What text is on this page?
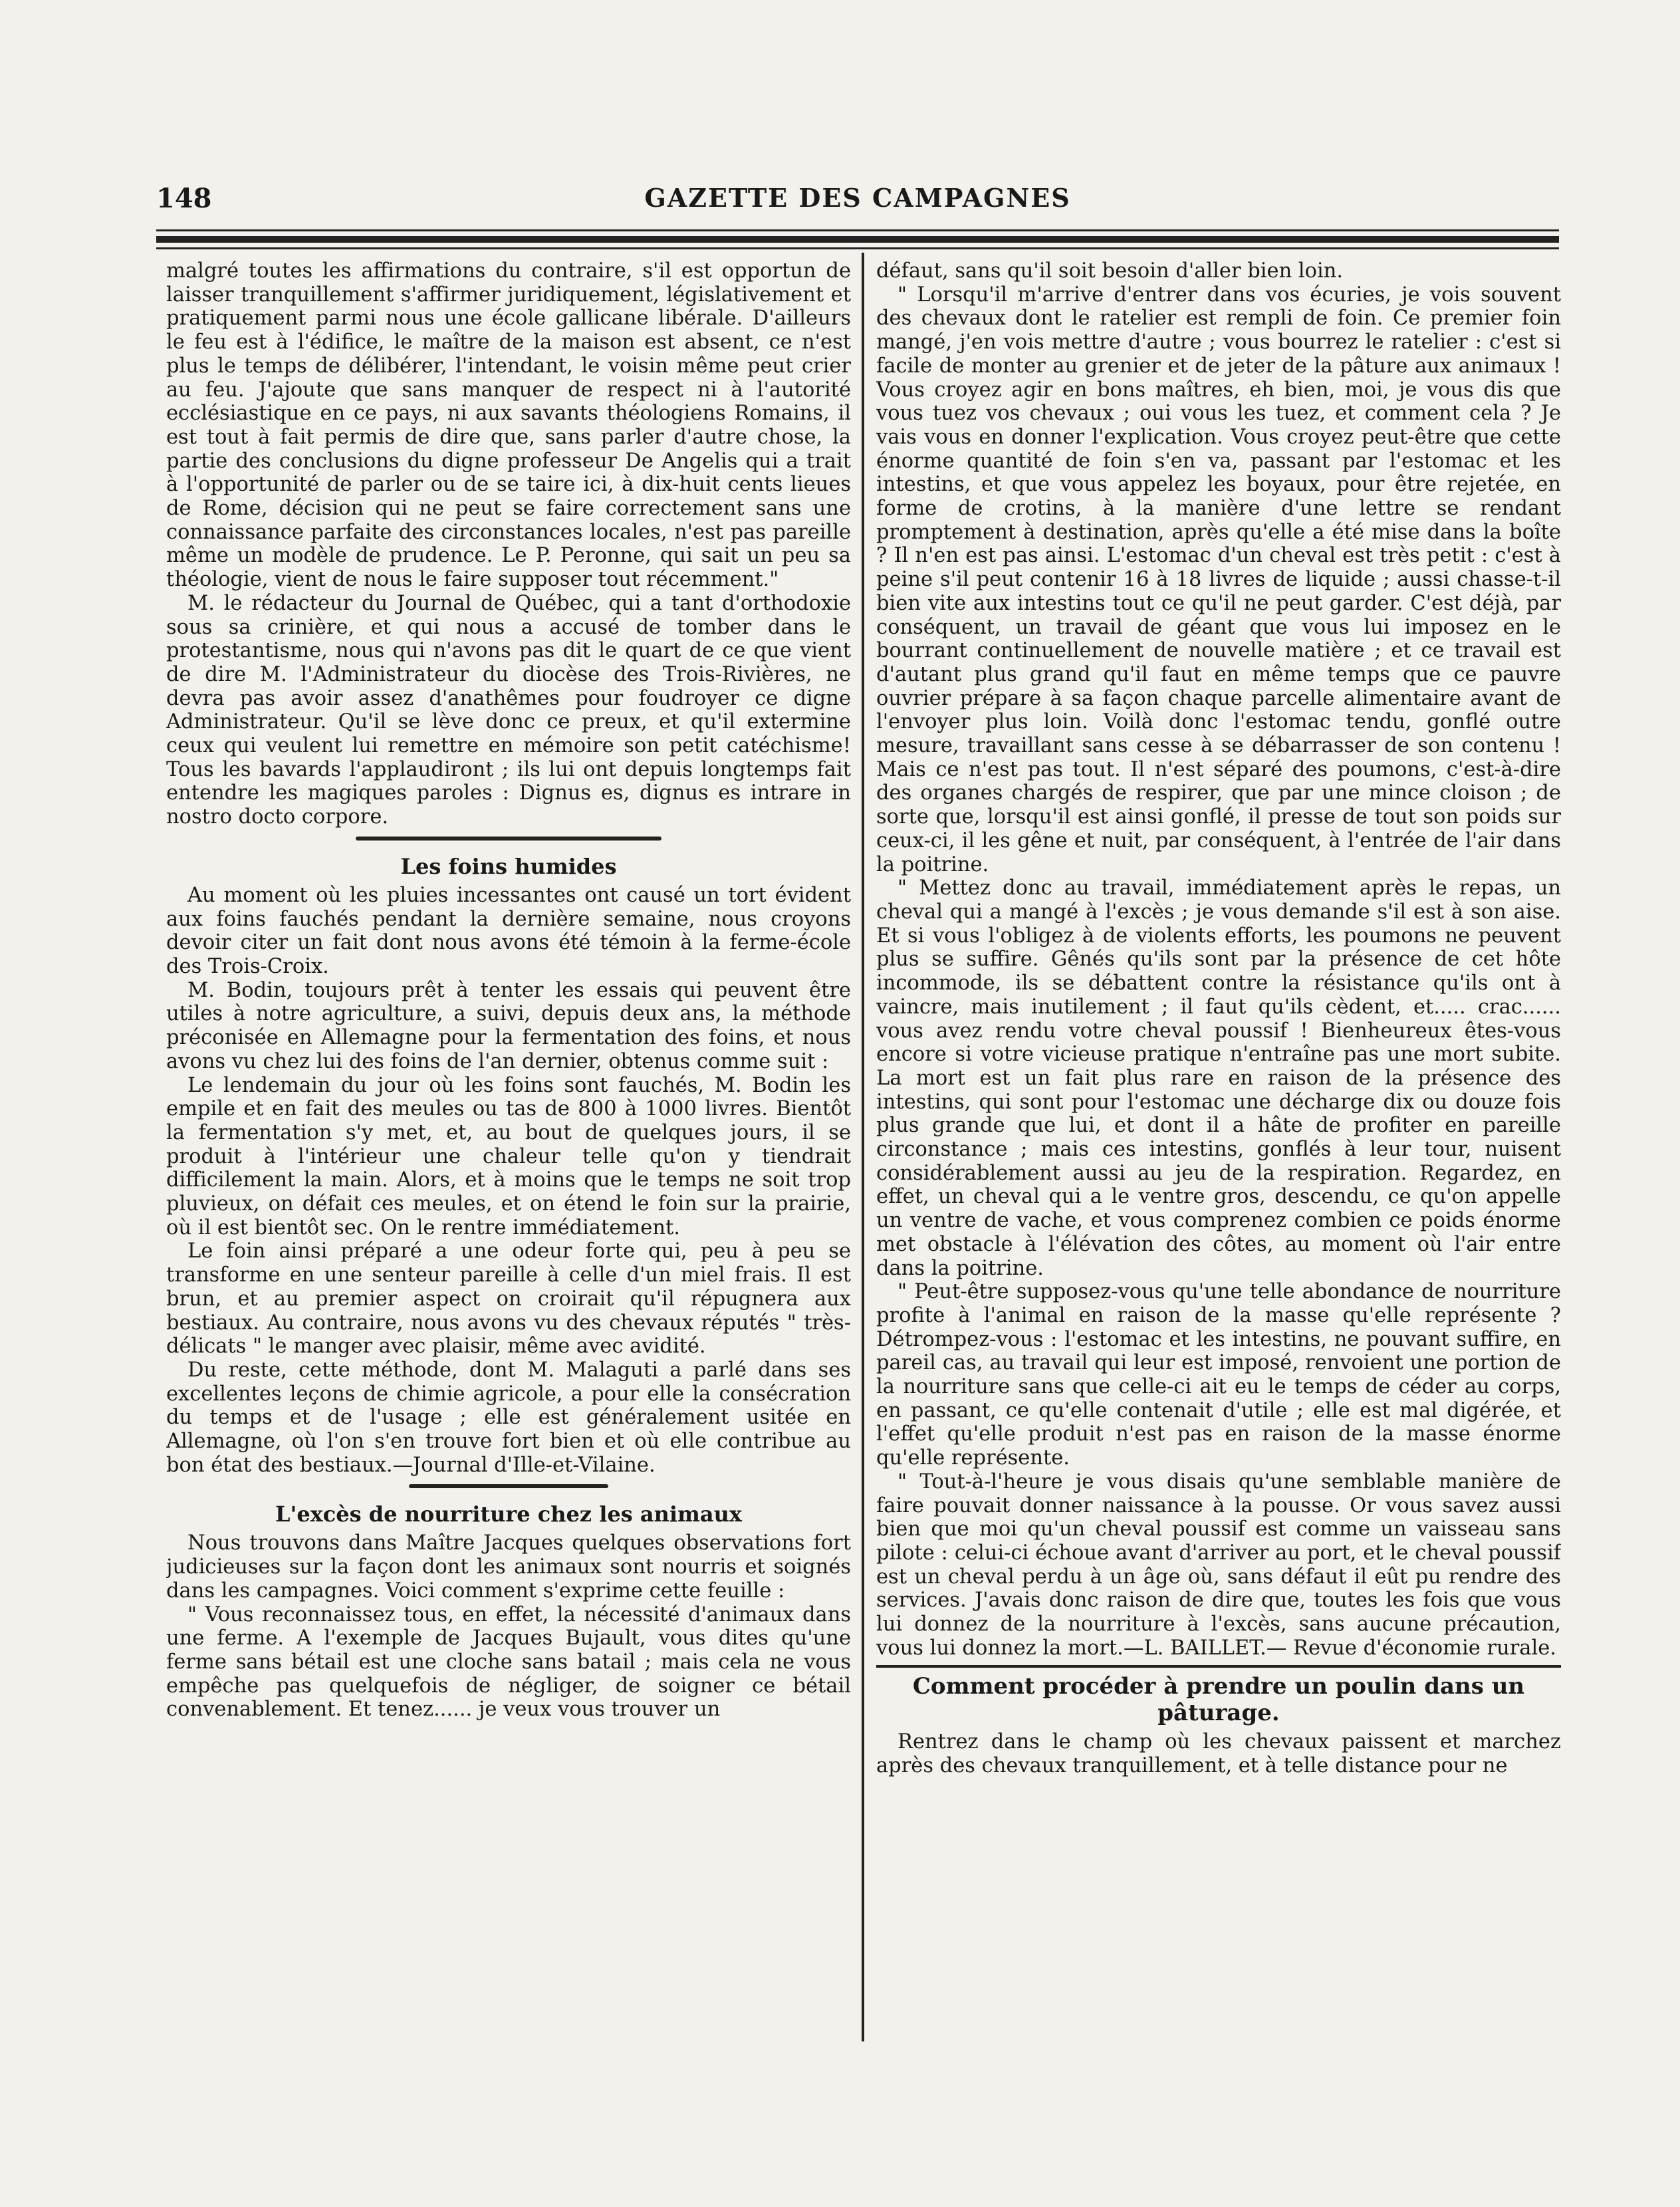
148	GAZETTE DES CAMPAGNES

malgré toutes les affirmations du contraire, s'il est opportun de laisser tranquillement s'affirmer juridiquement, législativement et pratiquement parmi nous une école gallicane libérale. D'ailleurs le feu est à l'édifice, le maître de la maison est absent, ce n'est plus le temps de délibérer, l'intendant, le voisin même peut crier au feu. J'ajoute que sans manquer de respect ni à l'autorité ecclésiastique en ce pays, ni aux savants théologiens Romains, il est tout à fait permis de dire que, sans parler d'autre chose, la partie des conclusions du digne professeur De Angelis qui a trait à l'opportunité de parler ou de se taire ici, à dix-huit cents lieues de Rome, décision qui ne peut se faire correctement sans une connaissance parfaite des circonstances locales, n'est pas pareille même un modèle de prudence. Le P. Peronne, qui sait un peu sa théologie, vient de nous le faire supposer tout récemment."

M. le rédacteur du Journal de Québec, qui a tant d'orthodoxie sous sa crinière, et qui nous a accusé de tomber dans le protestantisme, nous qui n'avons pas dit le quart de ce que vient de dire M. l'Administrateur du diocèse des Trois-Rivières, ne devra pas avoir assez d'anathêmes pour foudroyer ce digne Administrateur. Qu'il se lève donc ce preux, et qu'il extermine ceux qui veulent lui remettre en mémoire son petit catéchisme! Tous les bavards l'applaudiront ; ils lui ont depuis longtemps fait entendre les magiques paroles : Dignus es, dignus es intrare in nostro docto corpore.

Les foins humides

Au moment où les pluies incessantes ont causé un tort évident aux foins fauchés pendant la dernière semaine, nous croyons devoir citer un fait dont nous avons été témoin à la ferme-école des Trois-Croix.

M. Bodin, toujours prêt à tenter les essais qui peuvent être utiles à notre agriculture, a suivi, depuis deux ans, la méthode préconisée en Allemagne pour la fermentation des foins, et nous avons vu chez lui des foins de l'an dernier, obtenus comme suit :

Le lendemain du jour où les foins sont fauchés, M. Bodin les empile et en fait des meules ou tas de 800 à 1000 livres. Bientôt la fermentation s'y met, et, au bout de quelques jours, il se produit à l'intérieur une chaleur telle qu'on y tiendrait difficilement la main. Alors, et à moins que le temps ne soit trop pluvieux, on défait ces meules, et on étend le foin sur la prairie, où il est bientôt sec. On le rentre immédiatement.

Le foin ainsi préparé a une odeur forte qui, peu à peu se transforme en une senteur pareille à celle d'un miel frais. Il est brun, et au premier aspect on croirait qu'il répugnera aux bestiaux. Au contraire, nous avons vu des chevaux réputés " très-délicats " le manger avec plaisir, même avec avidité.

Du reste, cette méthode, dont M. Malaguti a parlé dans ses excellentes leçons de chimie agricole, a pour elle la consécration du temps et de l'usage ; elle est généralement usitée en Allemagne, où l'on s'en trouve fort bien et où elle contribue au bon état des bestiaux.—Journal d'Ille-et-Vilaine.

L'excès de nourriture chez les animaux

Nous trouvons dans Maître Jacques quelques observations fort judicieuses sur la façon dont les animaux sont nourris et soignés dans les campagnes. Voici comment s'exprime cette feuille :

" Vous reconnaissez tous, en effet, la nécessité d'animaux dans une ferme. A l'exemple de Jacques Bujault, vous dites qu'une ferme sans bétail est une cloche sans batail ; mais cela ne vous empêche pas quelquefois de négliger, de soigner ce bétail convenablement. Et tenez...... je veux vous trouver un

défaut, sans qu'il soit besoin d'aller bien loin.

" Lorsqu'il m'arrive d'entrer dans vos écuries, je vois souvent des chevaux dont le ratelier est rempli de foin. Ce premier foin mangé, j'en vois mettre d'autre ; vous bourrez le ratelier : c'est si facile de monter au grenier et de jeter de la pâture aux animaux ! Vous croyez agir en bons maîtres, eh bien, moi, je vous dis que vous tuez vos chevaux ; oui vous les tuez, et comment cela ? Je vais vous en donner l'explication. Vous croyez peut-être que cette énorme quantité de foin s'en va, passant par l'estomac et les intestins, et que vous appelez les boyaux, pour être rejetée, en forme de crotins, à la manière d'une lettre se rendant promptement à destination, après qu'elle a été mise dans la boîte ? Il n'en est pas ainsi. L'estomac d'un cheval est très petit : c'est à peine s'il peut contenir 16 à 18 livres de liquide ; aussi chasse-t-il bien vite aux intestins tout ce qu'il ne peut garder. C'est déjà, par conséquent, un travail de géant que vous lui imposez en le bourrant continuellement de nouvelle matière ; et ce travail est d'autant plus grand qu'il faut en même temps que ce pauvre ouvrier prépare à sa façon chaque parcelle alimentaire avant de l'envoyer plus loin. Voilà donc l'estomac tendu, gonflé outre mesure, travaillant sans cesse à se débarrasser de son contenu ! Mais ce n'est pas tout. Il n'est séparé des poumons, c'est-à-dire des organes chargés de respirer, que par une mince cloison ; de sorte que, lorsqu'il est ainsi gonflé, il presse de tout son poids sur ceux-ci, il les gêne et nuit, par conséquent, à l'entrée de l'air dans la poitrine.

" Mettez donc au travail, immédiatement après le repas, un cheval qui a mangé à l'excès ; je vous demande s'il est à son aise. Et si vous l'obligez à de violents efforts, les poumons ne peuvent plus se suffire. Gênés qu'ils sont par la présence de cet hôte incommode, ils se débattent contre la résistance qu'ils ont à vaincre, mais inutilement ; il faut qu'ils cèdent, et..... crac...... vous avez rendu votre cheval poussif ! Bienheureux êtes-vous encore si votre vicieuse pratique n'entraîne pas une mort subite. La mort est un fait plus rare en raison de la présence des intestins, qui sont pour l'estomac une décharge dix ou douze fois plus grande que lui, et dont il a hâte de profiter en pareille circonstance ; mais ces intestins, gonflés à leur tour, nuisent considérablement aussi au jeu de la respiration. Regardez, en effet, un cheval qui a le ventre gros, descendu, ce qu'on appelle un ventre de vache, et vous comprenez combien ce poids énorme met obstacle à l'élévation des côtes, au moment où l'air entre dans la poitrine.

" Peut-être supposez-vous qu'une telle abondance de nourriture profite à l'animal en raison de la masse qu'elle représente ? Détrompez-vous : l'estomac et les intestins, ne pouvant suffire, en pareil cas, au travail qui leur est imposé, renvoient une portion de la nourriture sans que celle-ci ait eu le temps de céder au corps, en passant, ce qu'elle contenait d'utile ; elle est mal digérée, et l'effet qu'elle produit n'est pas en raison de la masse énorme qu'elle représente.

" Tout-à-l'heure je vous disais qu'une semblable manière de faire pouvait donner naissance à la pousse. Or vous savez aussi bien que moi qu'un cheval poussif est comme un vaisseau sans pilote : celui-ci échoue avant d'arriver au port, et le cheval poussif est un cheval perdu à un âge où, sans défaut il eût pu rendre des services. J'avais donc raison de dire que, toutes les fois que vous lui donnez de la nourriture à l'excès, sans aucune précaution, vous lui donnez la mort.—L. BAILLET.— Revue d'économie rurale.

Comment procéder à prendre un poulin dans un pâturage.

Rentrez dans le champ où les chevaux paissent et marchez après des chevaux tranquillement, et à telle distance pour ne
